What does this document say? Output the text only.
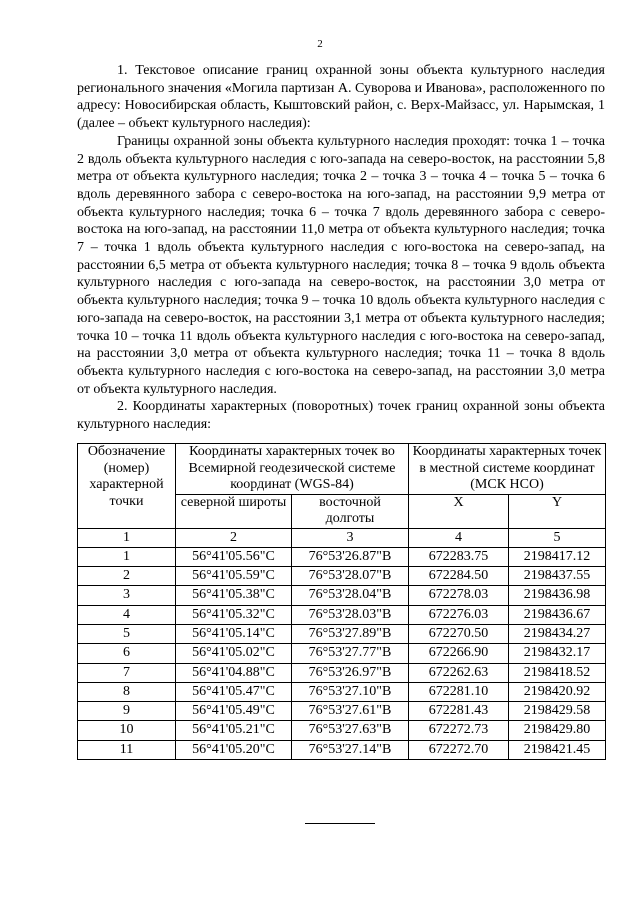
2

1. Текстовое описание границ охранной зоны объекта культурного наследия регионального значения «Могила партизан А. Суворова и Иванова», расположенного по адресу: Новосибирская область, Кыштовский район, с. Верх-Майзасс, ул. Нарымская, 1 (далее – объект культурного наследия):

Границы охранной зоны объекта культурного наследия проходят: точка 1 – точка 2 вдоль объекта культурного наследия с юго-запада на северо-восток, на расстоянии 5,8 метра от объекта культурного наследия; точка 2 – точка 3 – точка 4 – точка 5 – точка 6 вдоль деревянного забора с северо-востока на юго-запад, на расстоянии 9,9 метра от объекта культурного наследия; точка 6 – точка 7 вдоль деревянного забора с северо-востока на юго-запад, на расстоянии 11,0 метра от объекта культурного наследия; точка 7 – точка 1 вдоль объекта культурного наследия с юго-востока на северо-запад, на расстоянии 6,5 метра от объекта культурного наследия; точка 8 – точка 9 вдоль объекта культурного наследия с юго-запада на северо-восток, на расстоянии 3,0 метра от объекта культурного наследия; точка 9 – точка 10 вдоль объекта культурного наследия с юго-запада на северо-восток, на расстоянии 3,1 метра от объекта культурного наследия; точка 10 – точка 11 вдоль объекта культурного наследия с юго-востока на северо-запад, на расстоянии 3,0 метра от объекта культурного наследия; точка 11 – точка 8 вдоль объекта культурного наследия с юго-востока на северо-запад, на расстоянии 3,0 метра от объекта культурного наследия.

2. Координаты характерных (поворотных) точек границ охранной зоны объекта культурного наследия:

Обозначение (номер) характерной точки	Координаты характерных точек во Всемирной геодезической системе координат (WGS-84)		Координаты характерных точек в местной системе координат (МСК НСО)	
	северной широты	восточной долготы	X	Y
1	2	3	4	5
1	56°41'05.56"С	76°53'26.87"В	672283.75	2198417.12
2	56°41'05.59"С	76°53'28.07"В	672284.50	2198437.55
3	56°41'05.38"С	76°53'28.04"В	672278.03	2198436.98
4	56°41'05.32"С	76°53'28.03"В	672276.03	2198436.67
5	56°41'05.14"С	76°53'27.89"В	672270.50	2198434.27
6	56°41'05.02"С	76°53'27.77"В	672266.90	2198432.17
7	56°41'04.88"С	76°53'26.97"В	672262.63	2198418.52
8	56°41'05.47"С	76°53'27.10"В	672281.10	2198420.92
9	56°41'05.49"С	76°53'27.61"В	672281.43	2198429.58
10	56°41'05.21"С	76°53'27.63"В	672272.73	2198429.80
11	56°41'05.20"С	76°53'27.14"В	672272.70	2198421.45
